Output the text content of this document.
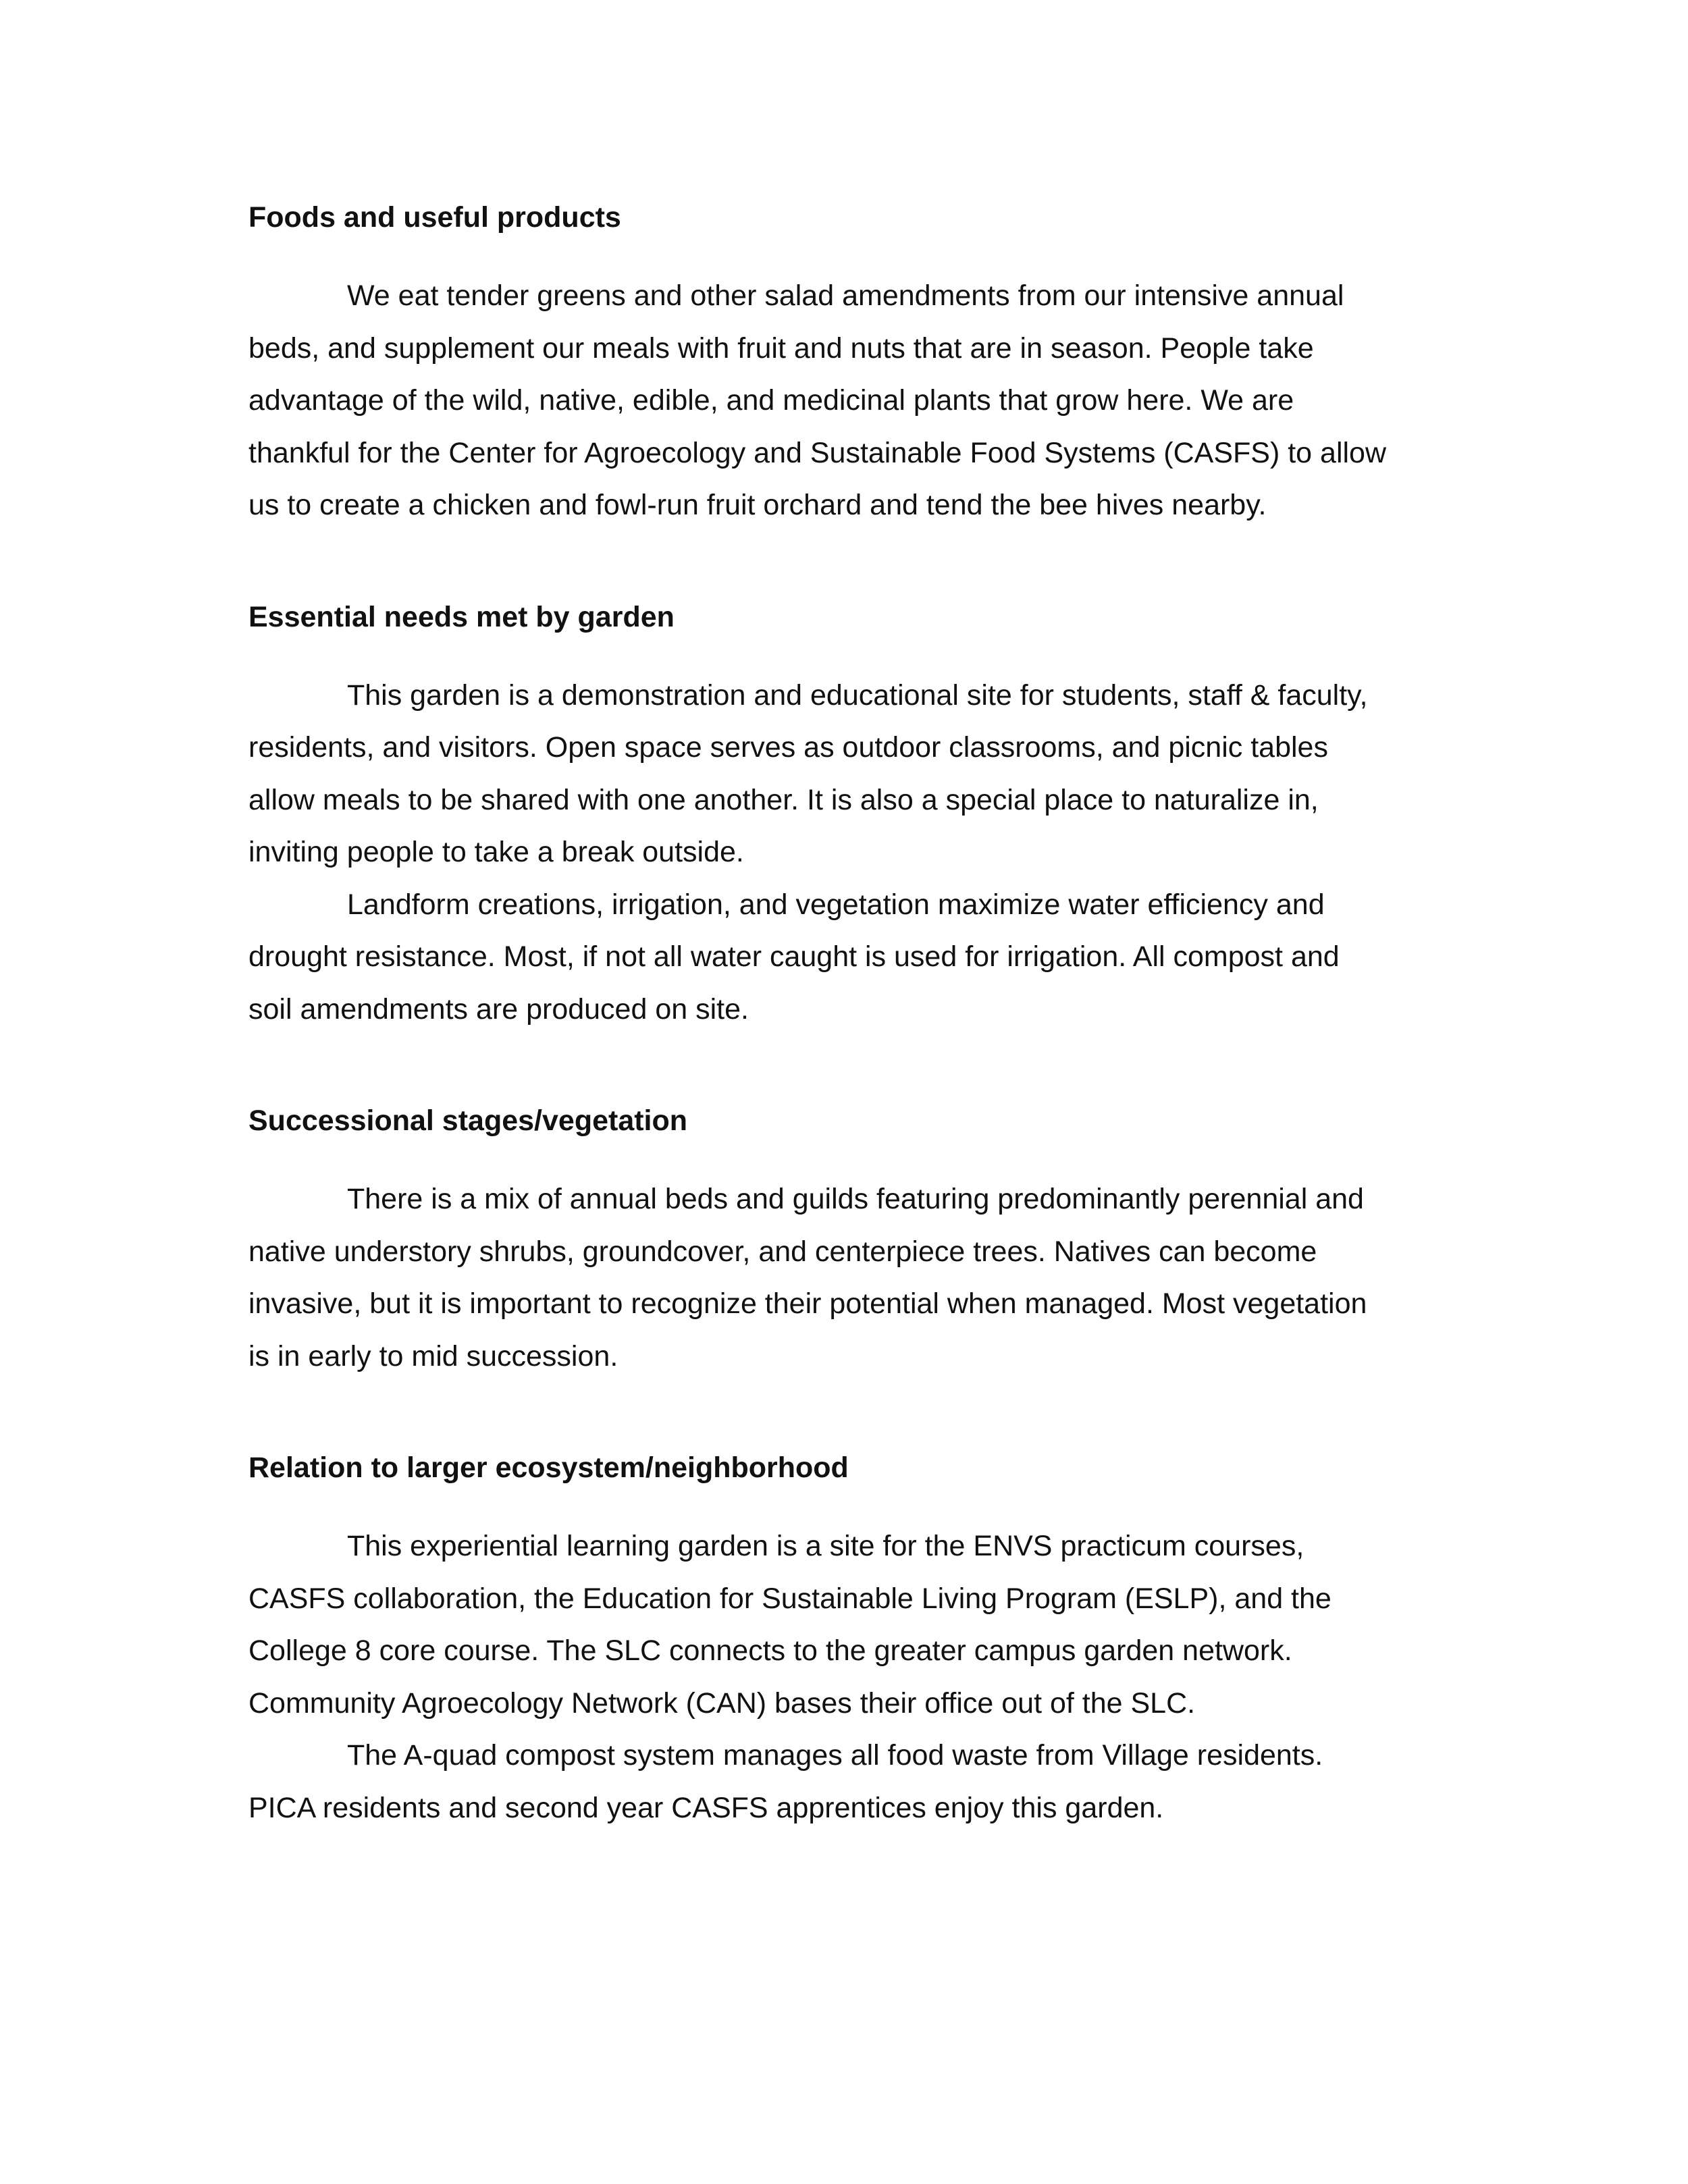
Foods and useful products

We eat tender greens and other salad amendments from our intensive annual
beds, and supplement our meals with fruit and nuts that are in season. People take
advantage of the wild, native, edible, and medicinal plants that grow here. We are
thankful for the Center for Agroecology and Sustainable Food Systems (CASFS) to allow
us to create a chicken and fowl-run fruit orchard and tend the bee hives nearby.

Essential needs met by garden

This garden is a demonstration and educational site for students, staff & faculty,
residents, and visitors. Open space serves as outdoor classrooms, and picnic tables
allow meals to be shared with one another. It is also a special place to naturalize in,
inviting people to take a break outside.

Landform creations, irrigation, and vegetation maximize water efficiency and
drought resistance. Most, if not all water caught is used for irrigation. All compost and
soil amendments are produced on site.

Successional stages/vegetation

There is a mix of annual beds and guilds featuring predominantly perennial and
native understory shrubs, groundcover, and centerpiece trees. Natives can become
invasive, but it is important to recognize their potential when managed. Most vegetation
is in early to mid succession.

Relation to larger ecosystem/neighborhood

This experiential learning garden is a site for the ENVS practicum courses,
CASFS collaboration, the Education for Sustainable Living Program (ESLP), and the
College 8 core course. The SLC connects to the greater campus garden network.
Community Agroecology Network (CAN) bases their office out of the SLC.

The A-quad compost system manages all food waste from Village residents.
PICA residents and second year CASFS apprentices enjoy this garden.
